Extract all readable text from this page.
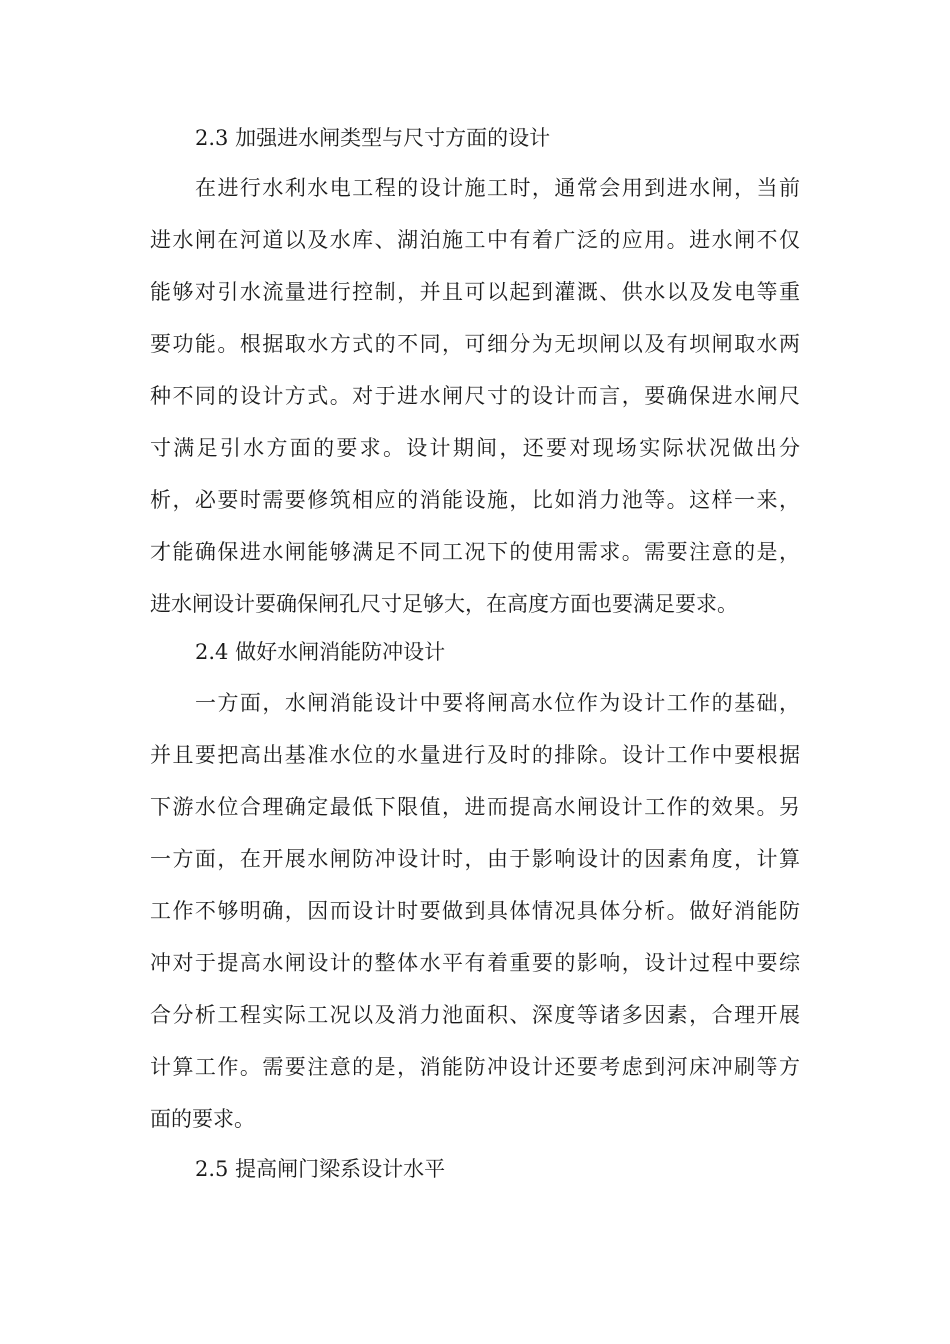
2.3 加强进水闸类型与尺寸方面的设计
在进行水利水电工程的设计施工时，通常会用到进水闸，当前
进水闸在河道以及水库、湖泊施工中有着广泛的应用。进水闸不仅
能够对引水流量进行控制，并且可以起到灌溉、供水以及发电等重
要功能。根据取水方式的不同，可细分为无坝闸以及有坝闸取水两
种不同的设计方式。对于进水闸尺寸的设计而言，要确保进水闸尺
寸满足引水方面的要求。设计期间，还要对现场实际状况做出分
析，必要时需要修筑相应的消能设施，比如消力池等。这样一来，
才能确保进水闸能够满足不同工况下的使用需求。需要注意的是，
进水闸设计要确保闸孔尺寸足够大，在高度方面也要满足要求。
2.4 做好水闸消能防冲设计
一方面，水闸消能设计中要将闸高水位作为设计工作的基础，
并且要把高出基准水位的水量进行及时的排除。设计工作中要根据
下游水位合理确定最低下限值，进而提高水闸设计工作的效果。另
一方面，在开展水闸防冲设计时，由于影响设计的因素角度，计算
工作不够明确，因而设计时要做到具体情况具体分析。做好消能防
冲对于提高水闸设计的整体水平有着重要的影响，设计过程中要综
合分析工程实际工况以及消力池面积、深度等诸多因素，合理开展
计算工作。需要注意的是，消能防冲设计还要考虑到河床冲刷等方
面的要求。
2.5 提高闸门梁系设计水平
